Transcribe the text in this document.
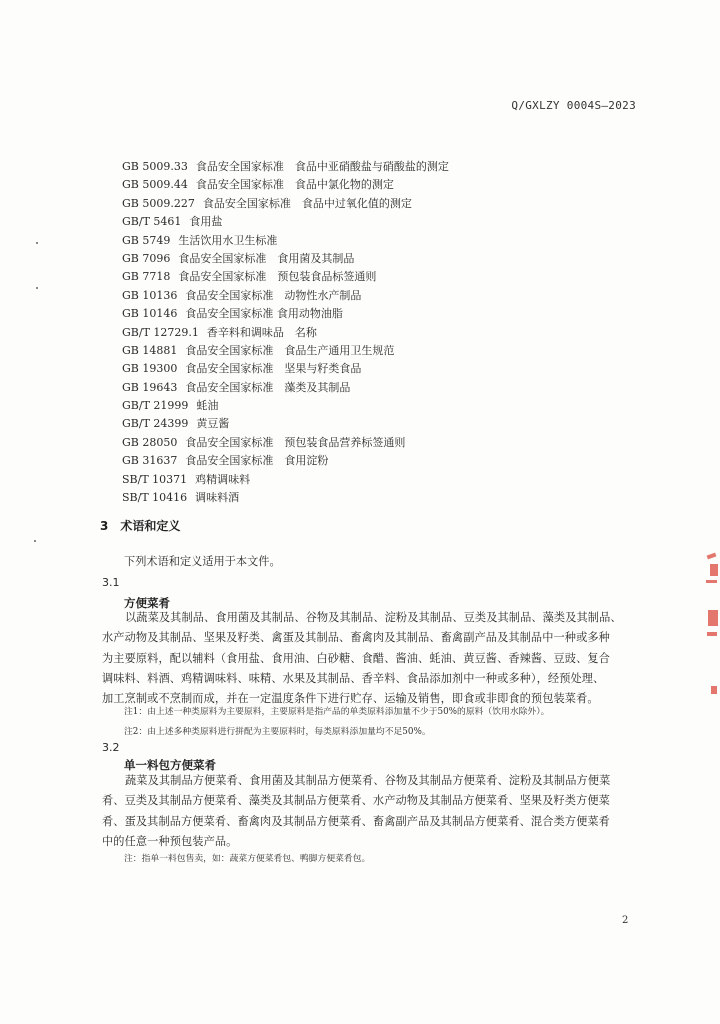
Q/GXLZY 0004S—2023
GB 5009.33 食品安全国家标准　食品中亚硝酸盐与硝酸盐的测定
GB 5009.44 食品安全国家标准　食品中氯化物的测定
GB 5009.227 食品安全国家标准　食品中过氧化值的测定
GB/T 5461 食用盐
GB 5749 生活饮用水卫生标准
GB 7096 食品安全国家标准　食用菌及其制品
GB 7718 食品安全国家标准　预包装食品标签通则
GB 10136 食品安全国家标准　动物性水产制品
GB 10146 食品安全国家标准 食用动物油脂
GB/T 12729.1 香辛料和调味品　名称
GB 14881 食品安全国家标准　食品生产通用卫生规范
GB 19300 食品安全国家标准　坚果与籽类食品
GB 19643 食品安全国家标准　藻类及其制品
GB/T 21999 蚝油
GB/T 24399 黄豆酱
GB 28050 食品安全国家标准　预包装食品营养标签通则
GB 31637 食品安全国家标准　食用淀粉
SB/T 10371 鸡精调味料
SB/T 10416 调味料酒
3 术语和定义
下列术语和定义适用于本文件。
3.1
方便菜肴
以蔬菜及其制品、食用菌及其制品、谷物及其制品、淀粉及其制品、豆类及其制品、藻类及其制品、
水产动物及其制品、坚果及籽类、禽蛋及其制品、畜禽肉及其制品、畜禽副产品及其制品中一种或多种
为主要原料，配以辅料（食用盐、食用油、白砂糖、食醋、酱油、蚝油、黄豆酱、香辣酱、豆豉、复合
调味料、料酒、鸡精调味料、味精、水果及其制品、香辛料、食品添加剂中一种或多种），经预处理、
加工烹制或不烹制而成，并在一定温度条件下进行贮存、运输及销售，即食或非即食的预包装菜肴。
注1：由上述一种类原料为主要原料，主要原料是指产品的单类原料添加量不少于50%的原料（饮用水除外）。
注2：由上述多种类原料进行拼配为主要原料时，每类原料添加量均不足50%。
3.2
单一料包方便菜肴
蔬菜及其制品方便菜肴、食用菌及其制品方便菜肴、谷物及其制品方便菜肴、淀粉及其制品方便菜
肴、豆类及其制品方便菜肴、藻类及其制品方便菜肴、水产动物及其制品方便菜肴、坚果及籽类方便菜
肴、蛋及其制品方便菜肴、畜禽肉及其制品方便菜肴、畜禽副产品及其制品方便菜肴、混合类方便菜肴
中的任意一种预包装产品。
注：指单一料包售卖，如：蔬菜方便菜肴包、鸭脚方便菜肴包。
2
